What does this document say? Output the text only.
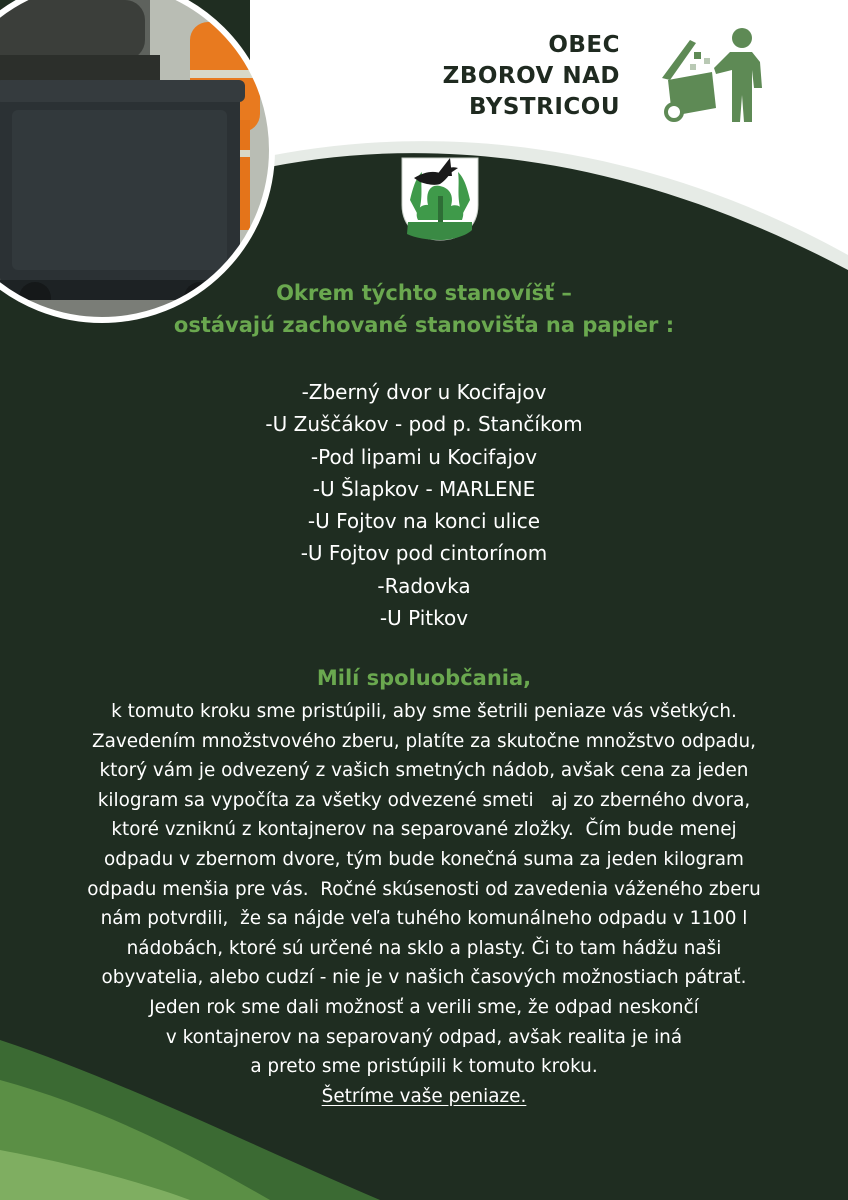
OBEC
ZBOROV NAD
BYSTRICOU
Okrem týchto stanovíšť –
ostávajú zachované stanovišťa na papier :
-Zberný dvor u Kocifajov
-U Zuščákov - pod p. Stančíkom
-Pod lipami u Kocifajov
-U Šlapkov - MARLENE
-U Fojtov na konci ulice
-U Fojtov pod cintorínom
-Radovka
-U Pitkov
Milí spoluobčania,
k tomuto kroku sme pristúpili, aby sme šetrili peniaze vás všetkých.
Zavedením množstvového zberu, platíte za skutočne množstvo odpadu,
ktorý vám je odvezený z vašich smetných nádob, avšak cena za jeden
kilogram sa vypočíta za všetky odvezené smeti   aj zo zberného dvora,
ktoré vzniknú z kontajnerov na separované zložky.  Čím bude menej
odpadu v zbernom dvore, tým bude konečná suma za jeden kilogram
odpadu menšia pre vás.  Ročné skúsenosti od zavedenia váženého zberu
nám potvrdili,  že sa nájde veľa tuhého komunálneho odpadu v 1100 l
nádobách, ktoré sú určené na sklo a plasty. Či to tam hádžu naši
obyvatelia, alebo cudzí - nie je v našich časových možnostiach pátrať.
Jeden rok sme dali možnosť a verili sme, že odpad neskončí
v kontajnerov na separovaný odpad, avšak realita je iná
a preto sme pristúpili k tomuto kroku.
Šetríme vaše peniaze.
